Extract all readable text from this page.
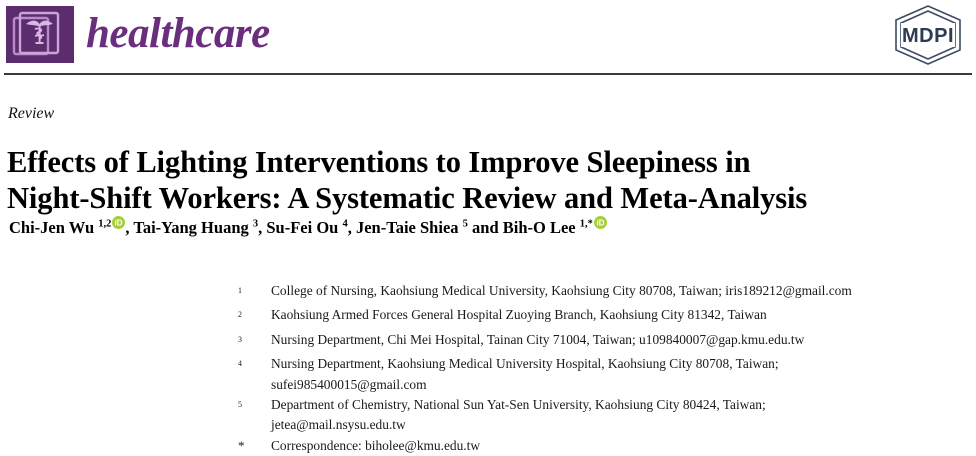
healthcare	MDPI
Review
Effects of Lighting Interventions to Improve Sleepiness in
Night-Shift Workers: A Systematic Review and Meta-Analysis
Chi-Jen Wu $^{1,2}$ iD , Tai-Yang Huang $^3$, Su-Fei Ou $^4$, Jen-Taie Shiea $^5$ and Bih-O Lee $^{1,*}$ iD
$^1$	College of Nursing, Kaohsiung Medical University, Kaohsiung City 80708, Taiwan; iris189212@gmail.com
$^2$	Kaohsiung Armed Forces General Hospital Zuoying Branch, Kaohsiung City 81342, Taiwan
$^3$	Nursing Department, Chi Mei Hospital, Tainan City 71004, Taiwan; u109840007@gap.kmu.edu.tw
$^4$	Nursing Department, Kaohsiung Medical University Hospital, Kaohsiung City 80708, Taiwan;
sufei985400015@gmail.com
$^5$	Department of Chemistry, National Sun Yat-Sen University, Kaohsiung City 80424, Taiwan;
jetea@mail.nsysu.edu.tw
*	Correspondence: biholee@kmu.edu.tw
